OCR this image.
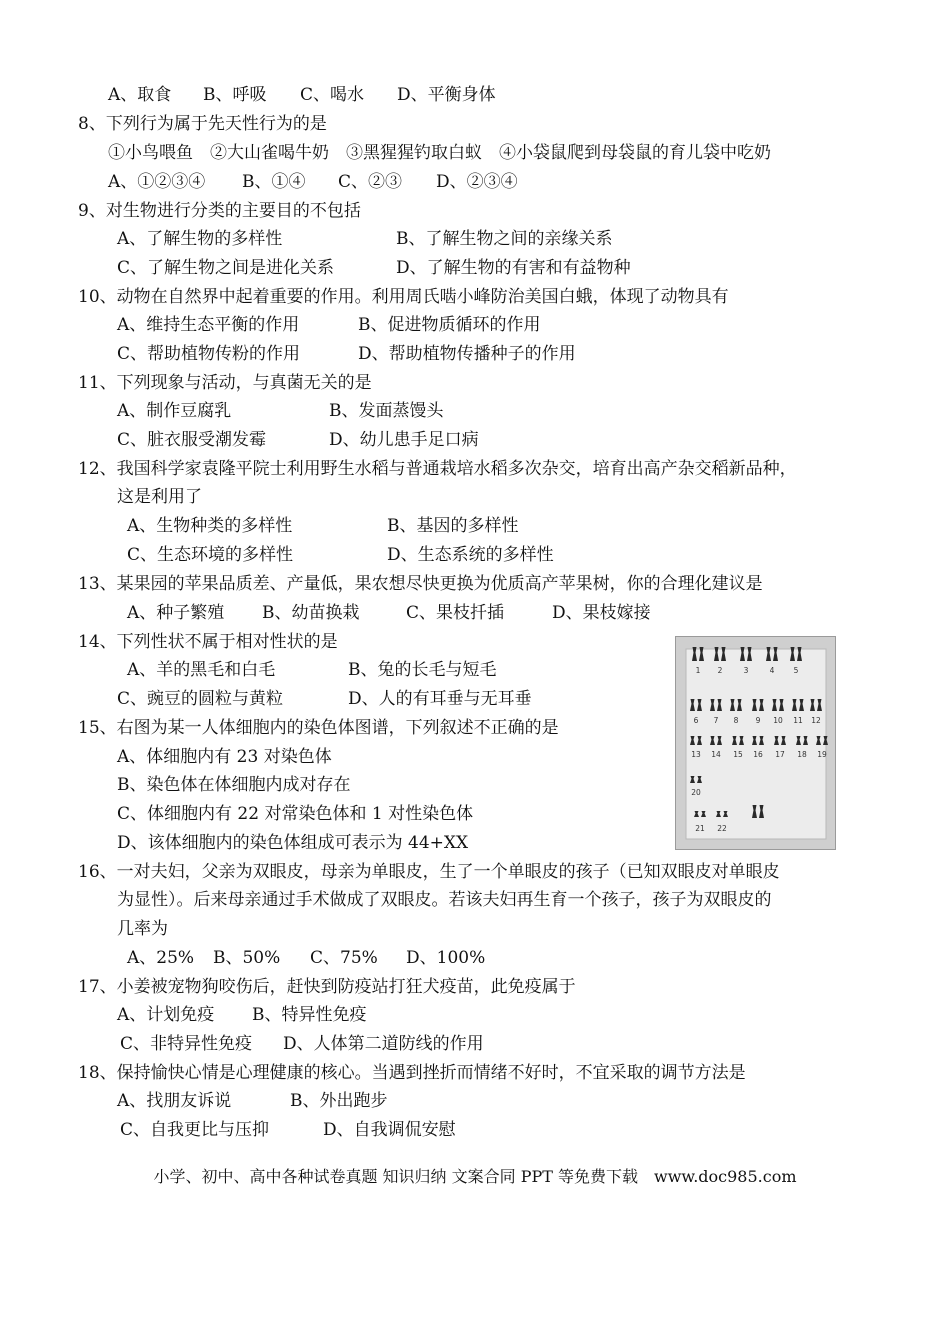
A、取食 B、呼吸 C、喝水 D、平衡身体
8、下列行为属于先天性行为的是
①小鸟喂鱼　②大山雀喝牛奶　③黑猩猩钓取白蚁　④小袋鼠爬到母袋鼠的育儿袋中吃奶
A、①②③④ B、①④ C、②③ D、②③④
9、对生物进行分类的主要目的不包括
A、了解生物的多样性	B、了解生物之间的亲缘关系
C、了解生物之间是进化关系	D、了解生物的有害和有益物种
10、动物在自然界中起着重要的作用。利用周氏啮小峰防治美国白蛾，体现了动物具有
A、维持生态平衡的作用	B、促进物质循环的作用
C、帮助植物传粉的作用	D、帮助植物传播种子的作用
11、下列现象与活动，与真菌无关的是
A、制作豆腐乳	B、发面蒸馒头
C、脏衣服受潮发霉	D、幼儿患手足口病
12、我国科学家袁隆平院士利用野生水稻与普通栽培水稻多次杂交，培育出高产杂交稻新品种，
这是利用了
A、生物种类的多样性	B、基因的多样性
C、生态环境的多样性	D、生态系统的多样性
13、某果园的苹果品质差、产量低，果农想尽快更换为优质高产苹果树，你的合理化建议是
A、种子繁殖 B、幼苗换栽	C、果枝扦插	D、果枝嫁接
14、下列性状不属于相对性状的是
A、羊的黑毛和白毛	B、兔的长毛与短毛
C、豌豆的圆粒与黄粒	D、人的有耳垂与无耳垂
15、右图为某一人体细胞内的染色体图谱，下列叙述不正确的是
A、体细胞内有 23 对染色体
B、染色体在体细胞内成对存在
C、体细胞内有 22 对常染色体和 1 对性染色体
D、该体细胞内的染色体组成可表示为 44+XX
1 2	3	4	5
6 7 8 9 10 11 12
13 14 15 16 17 18 19
20
21 22
16、一对夫妇，父亲为双眼皮，母亲为单眼皮，生了一个单眼皮的孩子（已知双眼皮对单眼皮
为显性）。后来母亲通过手术做成了双眼皮。若该夫妇再生育一个孩子，孩子为双眼皮的
几率为
A、25% B、50% C、75% D、100%
17、小姜被宠物狗咬伤后，赶快到防疫站打狂犬疫苗，此免疫属于
A、计划免疫 B、特异性免疫
C、非特异性免疫 D、人体第二道防线的作用
18、保持愉快心情是心理健康的核心。当遇到挫折而情绪不好时，不宜采取的调节方法是
A、找朋友诉说	B、外出跑步
C、自我更比与压抑	D、自我调侃安慰
小学、初中、高中各种试卷真题 知识归纳 文案合同 PPT 等免费下载　www.doc985.com
